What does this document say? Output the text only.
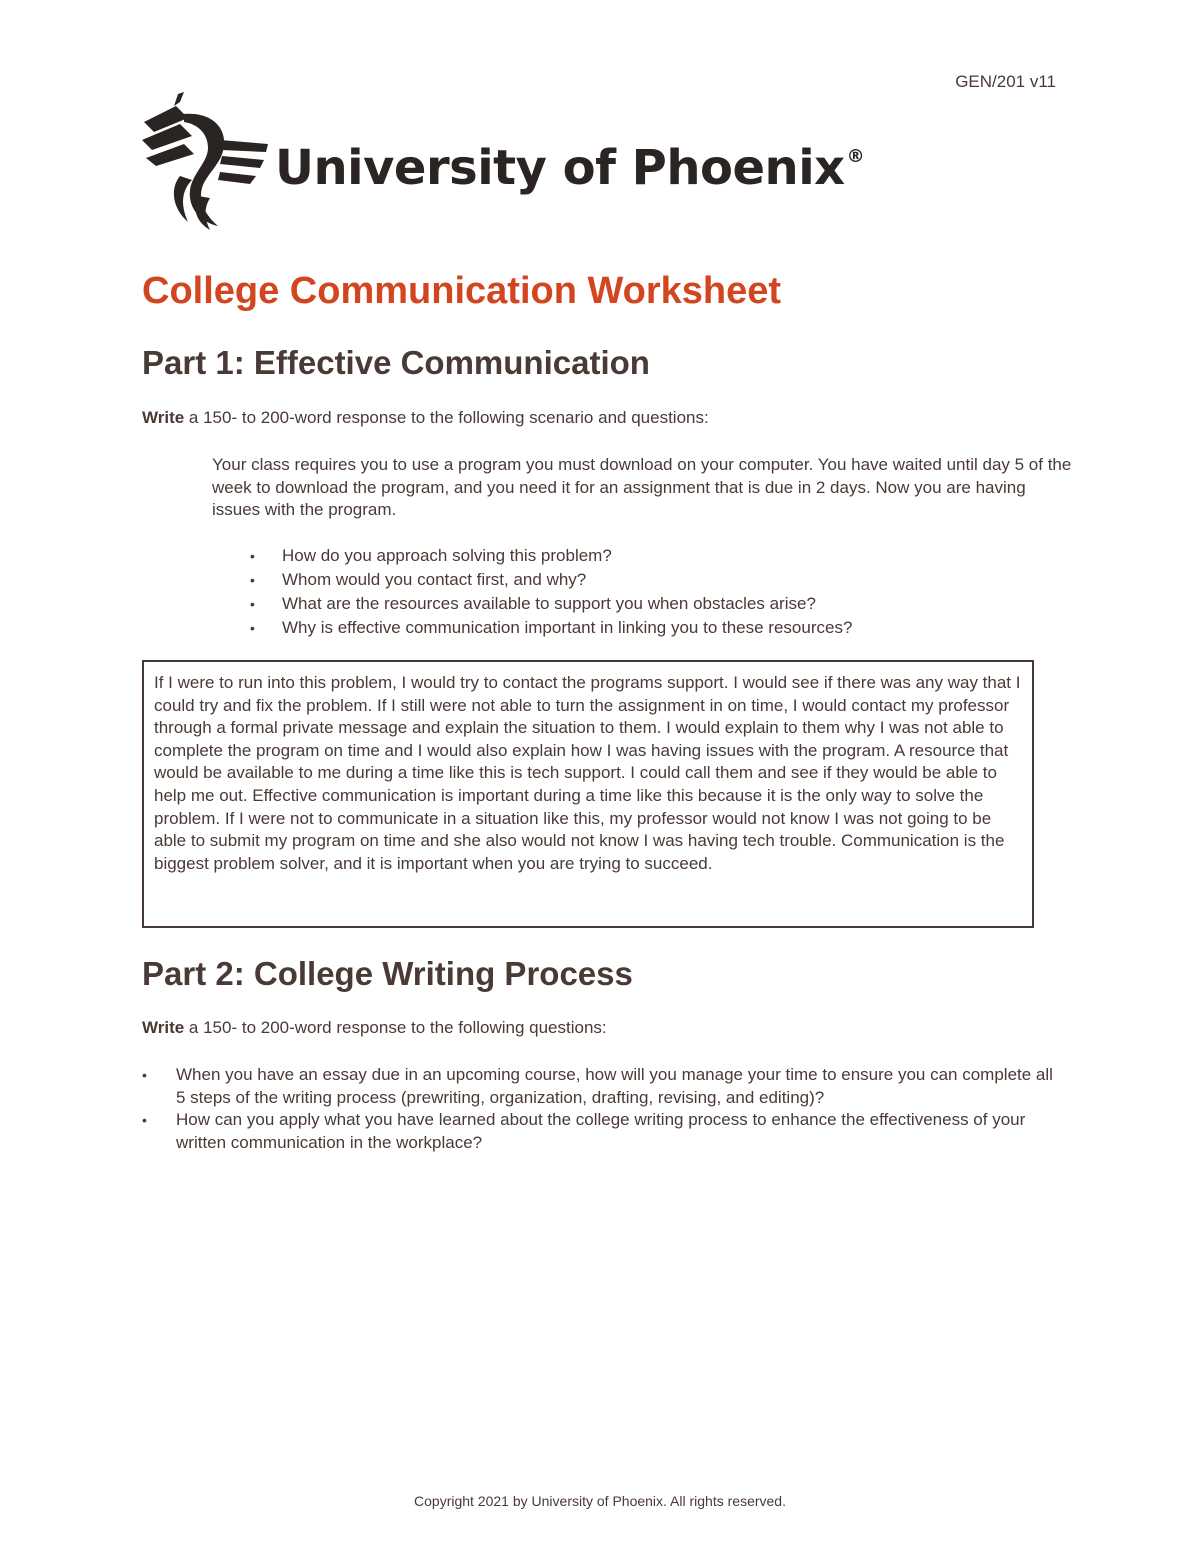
GEN/201 v11
University of Phoenix ®
College Communication Worksheet
Part 1: Effective Communication
Write a 150- to 200-word response to the following scenario and questions:
Your class requires you to use a program you must download on your computer. You have waited until day 5 of the week to download the program, and you need it for an assignment that is due in 2 days. Now you are having issues with the program.
• How do you approach solving this problem?
• Whom would you contact first, and why?
• What are the resources available to support you when obstacles arise?
• Why is effective communication important in linking you to these resources?
If I were to run into this problem, I would try to contact the programs support. I would see if there was any way that I could try and fix the problem. If I still were not able to turn the assignment in on time, I would contact my professor through a formal private message and explain the situation to them. I would explain to them why I was not able to complete the program on time and I would also explain how I was having issues with the program. A resource that would be available to me during a time like this is tech support. I could call them and see if they would be able to help me out. Effective communication is important during a time like this because it is the only way to solve the problem. If I were not to communicate in a situation like this, my professor would not know I was not going to be able to submit my program on time and she also would not know I was having tech trouble. Communication is the biggest problem solver, and it is important when you are trying to succeed.
Part 2: College Writing Process
Write a 150- to 200-word response to the following questions:
• When you have an essay due in an upcoming course, how will you manage your time to ensure you can complete all 5 steps of the writing process (prewriting, organization, drafting, revising, and editing)?
• How can you apply what you have learned about the college writing process to enhance the effectiveness of your written communication in the workplace?
Copyright 2021 by University of Phoenix. All rights reserved.
